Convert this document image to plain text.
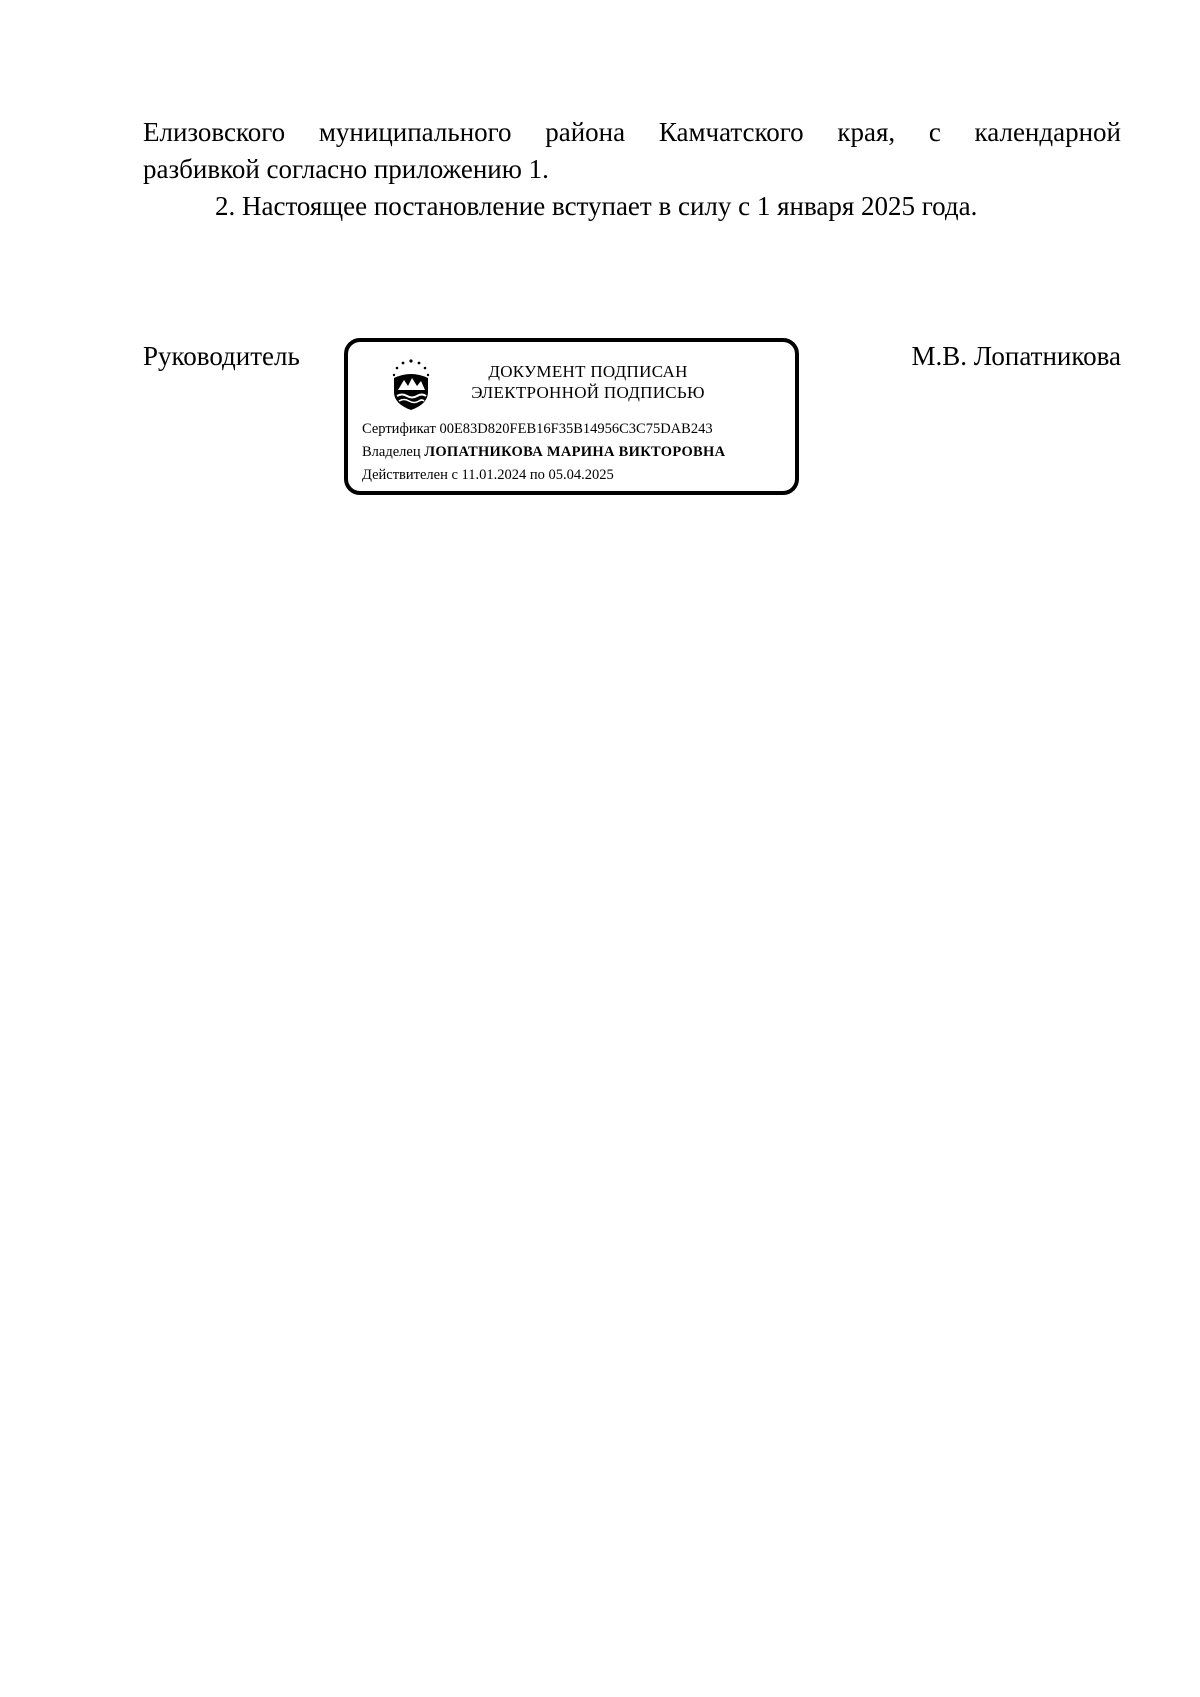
Елизовского муниципального района Камчатского края, с календарной
разбивкой согласно приложению 1.
2. Настоящее постановление вступает в силу с 1 января 2025 года.
Руководитель
ДОКУМЕНТ ПОДПИСАН
ЭЛЕКТРОННОЙ ПОДПИСЬЮ
Сертификат 00E83D820FEB16F35B14956C3C75DAB243
Владелец ЛОПАТНИКОВА МАРИНА ВИКТОРОВНА
Действителен с 11.01.2024 по 05.04.2025
М.В. Лопатникова
